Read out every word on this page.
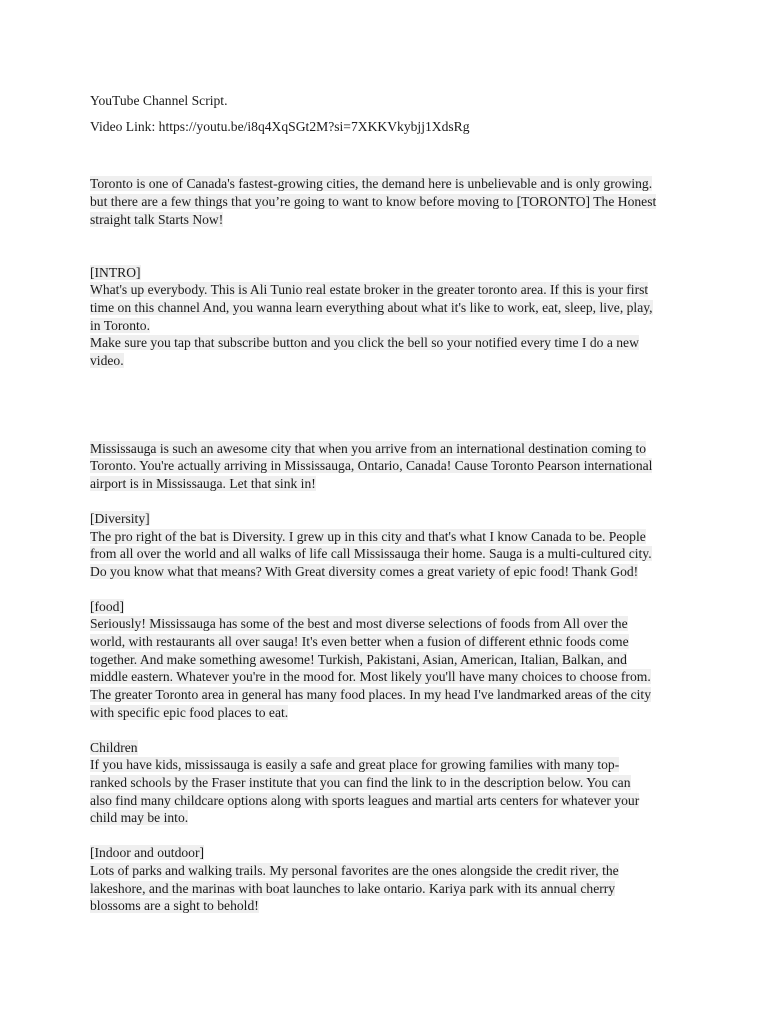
YouTube Channel Script.
Video Link: https://youtu.be/i8q4XqSGt2M?si=7XKKVkybjj1XdsRg
Toronto is one of Canada's fastest-growing cities, the demand here is unbelievable and is only growing.
but there are a few things that you’re going to want to know before moving to [TORONTO] The Honest
straight talk Starts Now!
[INTRO]
What's up everybody. This is Ali Tunio real estate broker in the greater toronto area. If this is your first
time on this channel And, you wanna learn everything about what it's like to work, eat, sleep, live, play,
in Toronto.
Make sure you tap that subscribe button and you click the bell so your notified every time I do a new
video.
Mississauga is such an awesome city that when you arrive from an international destination coming to
Toronto. You're actually arriving in Mississauga, Ontario, Canada! Cause Toronto Pearson international
airport is in Mississauga. Let that sink in!
[Diversity]
The pro right of the bat is Diversity. I grew up in this city and that's what I know Canada to be. People
from all over the world and all walks of life call Mississauga their home. Sauga is a multi-cultured city.
Do you know what that means? With Great diversity comes a great variety of epic food! Thank God!
[food]
Seriously! Mississauga has some of the best and most diverse selections of foods from All over the
world, with restaurants all over sauga! It's even better when a fusion of different ethnic foods come
together. And make something awesome! Turkish, Pakistani, Asian, American, Italian, Balkan, and
middle eastern. Whatever you're in the mood for. Most likely you'll have many choices to choose from.
The greater Toronto area in general has many food places. In my head I've landmarked areas of the city
with specific epic food places to eat.
Children
If you have kids, mississauga is easily a safe and great place for growing families with many top-
ranked schools by the Fraser institute that you can find the link to in the description below. You can
also find many childcare options along with sports leagues and martial arts centers for whatever your
child may be into.
[Indoor and outdoor]
Lots of parks and walking trails. My personal favorites are the ones alongside the credit river, the
lakeshore, and the marinas with boat launches to lake ontario. Kariya park with its annual cherry
blossoms are a sight to behold!
